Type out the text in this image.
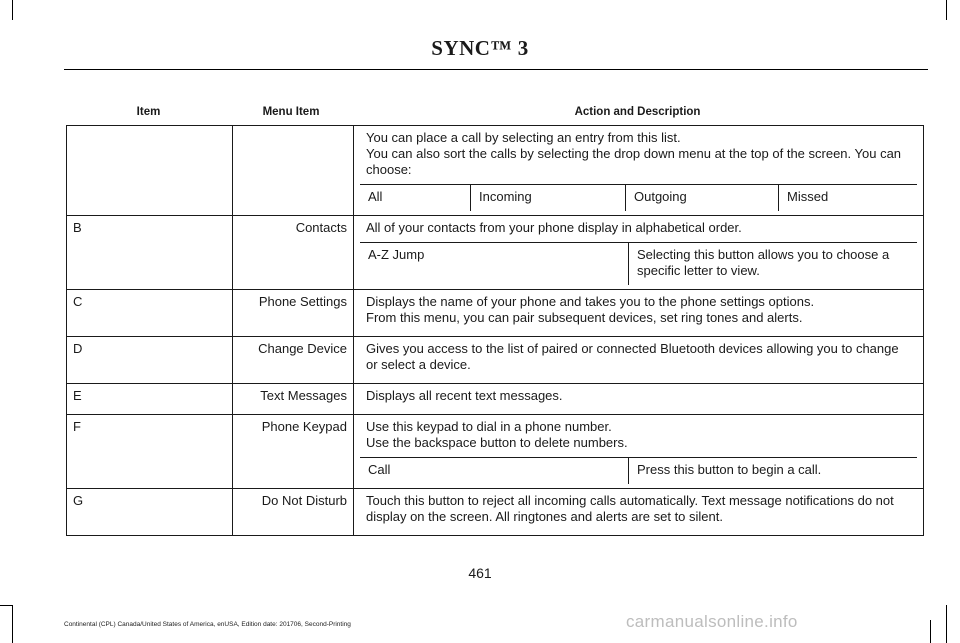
SYNC™ 3
Item	Menu Item	Action and Description

You can place a call by selecting an entry from this list.

You can also sort the calls by selecting the drop down menu at the top of the screen. You can choose:

All	Incoming	Outgoing	Missed

B	Contacts	All of your contacts from your phone display in alphabetical order.

A-Z Jump	Selecting this button allows you to choose a specific letter to view.

C	Phone Settings	Displays the name of your phone and takes you to the phone settings options.

From this menu, you can pair subsequent devices, set ring tones and alerts.

D	Change Device	Gives you access to the list of paired or connected Bluetooth devices allowing you to change or select a device.

E	Text Messages	Displays all recent text messages.

F	Phone Keypad	Use this keypad to dial in a phone number.

Use the backspace button to delete numbers.

Call	Press this button to begin a call.

G	Do Not Disturb	Touch this button to reject all incoming calls automatically. Text message notifications do not display on the screen. All ringtones and alerts are set to silent.

461
Continental (CPL) Canada/United States of America, enUSA, Edition date: 201706, Second-Printing	carmanualsonline.info
